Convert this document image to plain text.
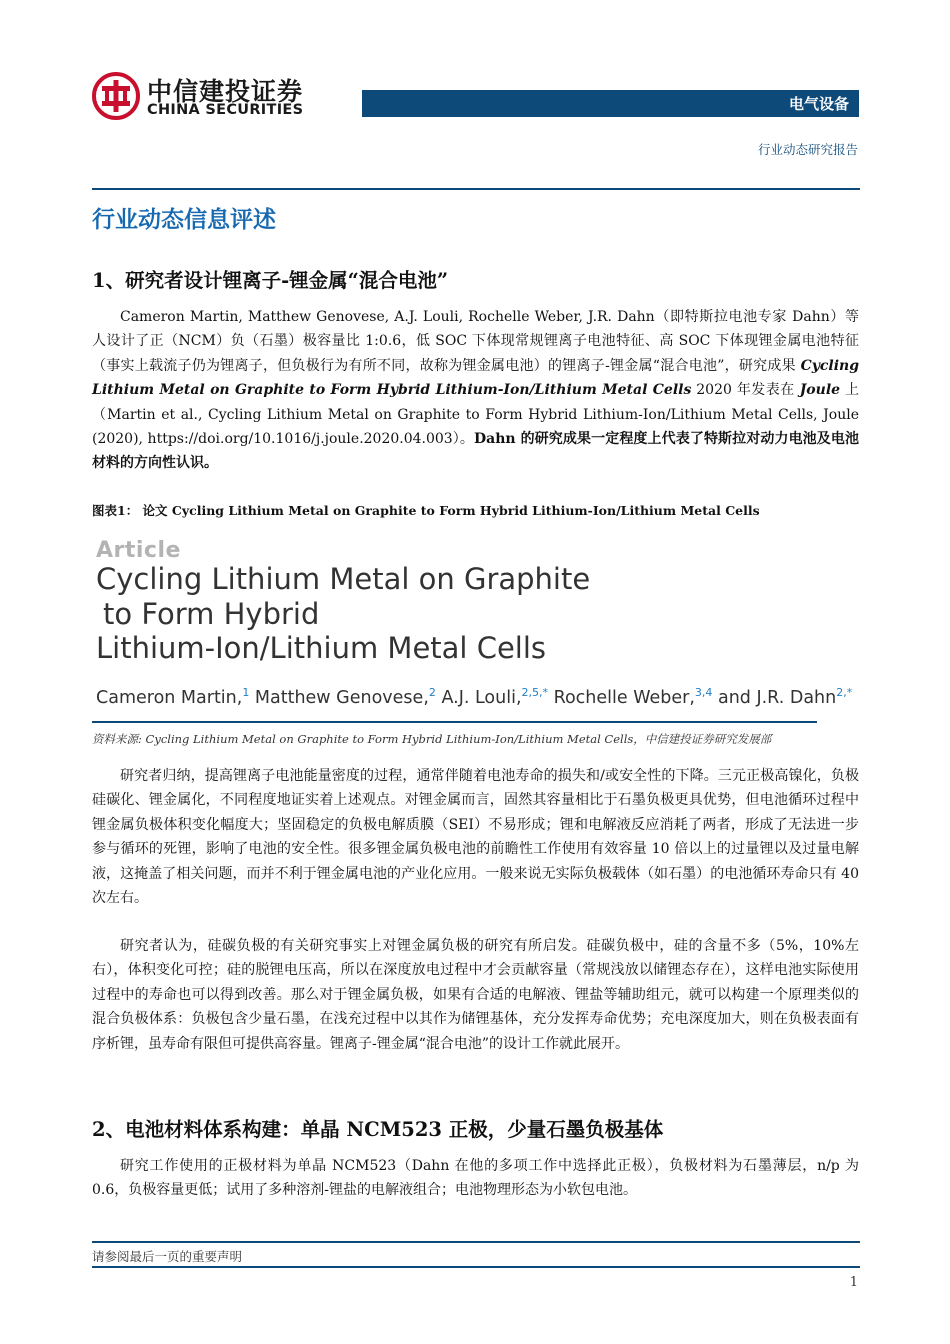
中信建投证券
CHINA SECURITIES	电气设备
行业动态研究报告
行业动态信息评述
1、研究者设计锂离子-锂金属“混合电池”

Cameron Martin, Matthew Genovese, A.J. Louli, Rochelle Weber, J.R. Dahn（即特斯拉电池专家 Dahn）等人设计了正（NCM）负（石墨）极容量比 1:0.6，低 SOC 下体现常规锂离子电池特征、高 SOC 下体现锂金属电池特征（事实上载流子仍为锂离子，但负极行为有所不同，故称为锂金属电池）的锂离子-锂金属“混合电池”，研究成果 Cycling Lithium Metal on Graphite to Form Hybrid Lithium-Ion/Lithium Metal Cells 2020 年发表在 Joule 上（Martin et al., Cycling Lithium Metal on Graphite to Form Hybrid Lithium-Ion/Lithium Metal Cells, Joule (2020), https://doi.org/10.1016/j.joule.2020.04.003）。Dahn 的研究成果一定程度上代表了特斯拉对动力电池及电池材料的方向性认识。

图表1： 论文 Cycling Lithium Metal on Graphite to Form Hybrid Lithium-Ion/Lithium Metal Cells
Article
Cycling Lithium Metal on Graphite
to Form Hybrid
Lithium-Ion/Lithium Metal Cells
Cameron Martin,$^1$ Matthew Genovese,$^2$ A.J. Louli,$^{2,5,*}$ Rochelle Weber,$^{3,4}$ and J.R. Dahn$^{2,*}$
资料来源: Cycling Lithium Metal on Graphite to Form Hybrid Lithium-Ion/Lithium Metal Cells，中信建投证券研究发展部

研究者归纳，提高锂离子电池能量密度的过程，通常伴随着电池寿命的损失和/或安全性的下降。三元正极高镍化，负极硅碳化、锂金属化，不同程度地证实着上述观点。对锂金属而言，固然其容量相比于石墨负极更具优势，但电池循环过程中锂金属负极体积变化幅度大；坚固稳定的负极电解质膜（SEI）不易形成；锂和电解液反应消耗了两者，形成了无法进一步参与循环的死锂，影响了电池的安全性。很多锂金属负极电池的前瞻性工作使用有效容量 10 倍以上的过量锂以及过量电解液，这掩盖了相关问题，而并不利于锂金属电池的产业化应用。一般来说无实际负极载体（如石墨）的电池循环寿命只有 40 次左右。

研究者认为，硅碳负极的有关研究事实上对锂金属负极的研究有所启发。硅碳负极中，硅的含量不多（5%，10%左右），体积变化可控；硅的脱锂电压高，所以在深度放电过程中才会贡献容量（常规浅放以储锂态存在），这样电池实际使用过程中的寿命也可以得到改善。那么对于锂金属负极，如果有合适的电解液、锂盐等辅助组元，就可以构建一个原理类似的混合负极体系：负极包含少量石墨，在浅充过程中以其作为储锂基体，充分发挥寿命优势；充电深度加大，则在负极表面有序析锂，虽寿命有限但可提供高容量。锂离子-锂金属“混合电池”的设计工作就此展开。

2、电池材料体系构建：单晶 NCM523 正极，少量石墨负极基体

研究工作使用的正极材料为单晶 NCM523（Dahn 在他的多项工作中选择此正极），负极材料为石墨薄层，n/p 为 0.6，负极容量更低；试用了多种溶剂-锂盐的电解液组合；电池物理形态为小软包电池。

请参阅最后一页的重要声明
1
